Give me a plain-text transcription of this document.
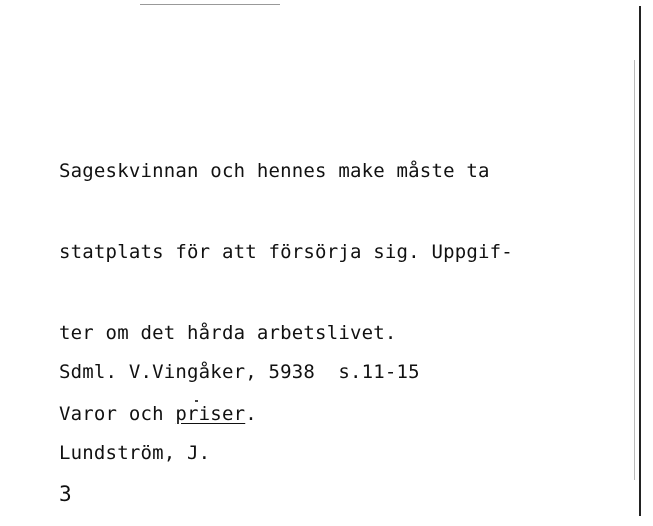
Sageskvinnan och hennes make måste ta

statplats för att försörja sig. Uppgif-

ter om det hårda arbetslivet.

Varor och priser.

Sdml. V.Vingåker, 5938  s.11-15

Lundström, J.

3
